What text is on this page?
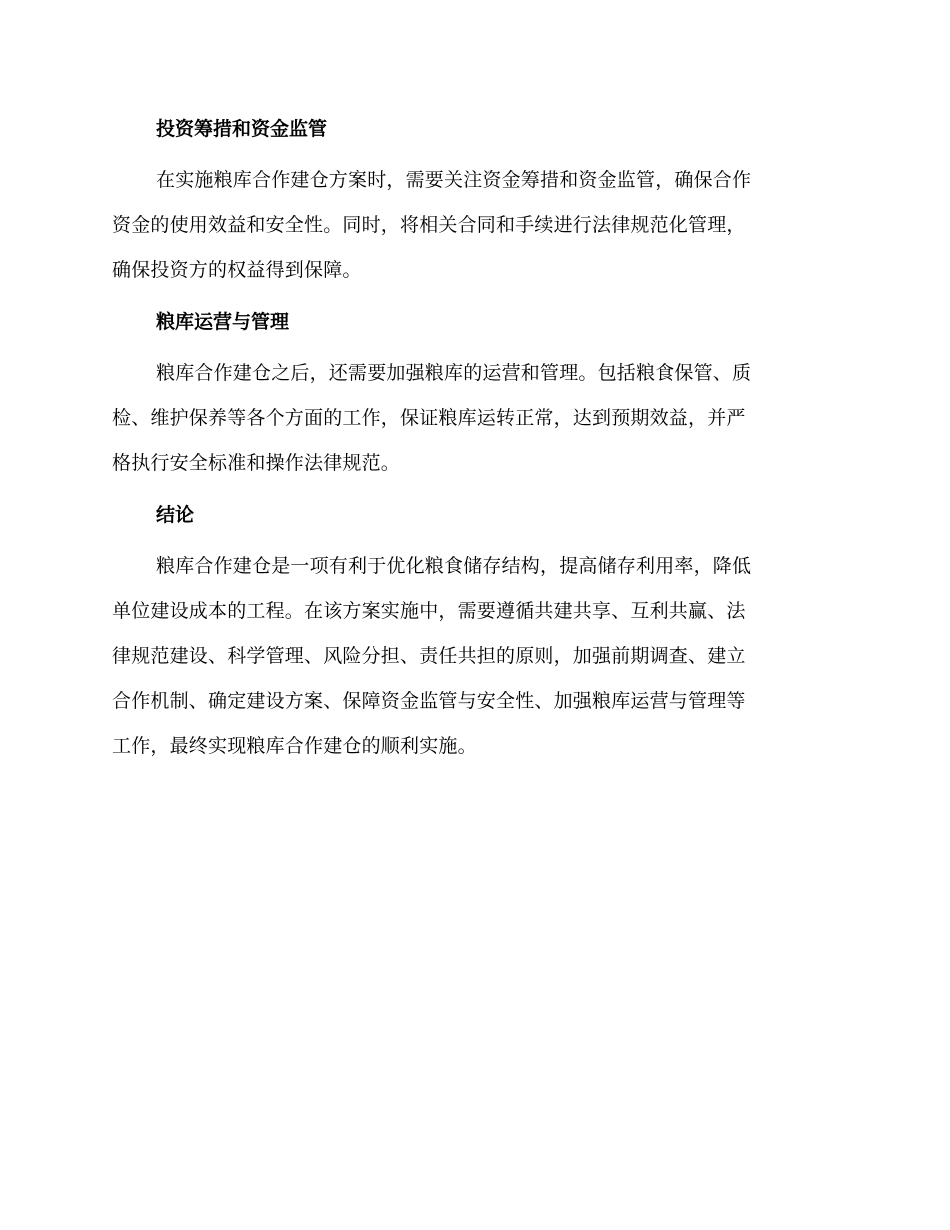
投资筹措和资金监管
在实施粮库合作建仓方案时，需要关注资金筹措和资金监管，确保合作
资金的使用效益和安全性。同时，将相关合同和手续进行法律规范化管理，
确保投资方的权益得到保障。
粮库运营与管理
粮库合作建仓之后，还需要加强粮库的运营和管理。包括粮食保管、质
检、维护保养等各个方面的工作，保证粮库运转正常，达到预期效益，并严
格执行安全标准和操作法律规范。
结论
粮库合作建仓是一项有利于优化粮食储存结构，提高储存利用率，降低
单位建设成本的工程。在该方案实施中，需要遵循共建共享、互利共赢、法
律规范建设、科学管理、风险分担、责任共担的原则，加强前期调查、建立
合作机制、确定建设方案、保障资金监管与安全性、加强粮库运营与管理等
工作，最终实现粮库合作建仓的顺利实施。
